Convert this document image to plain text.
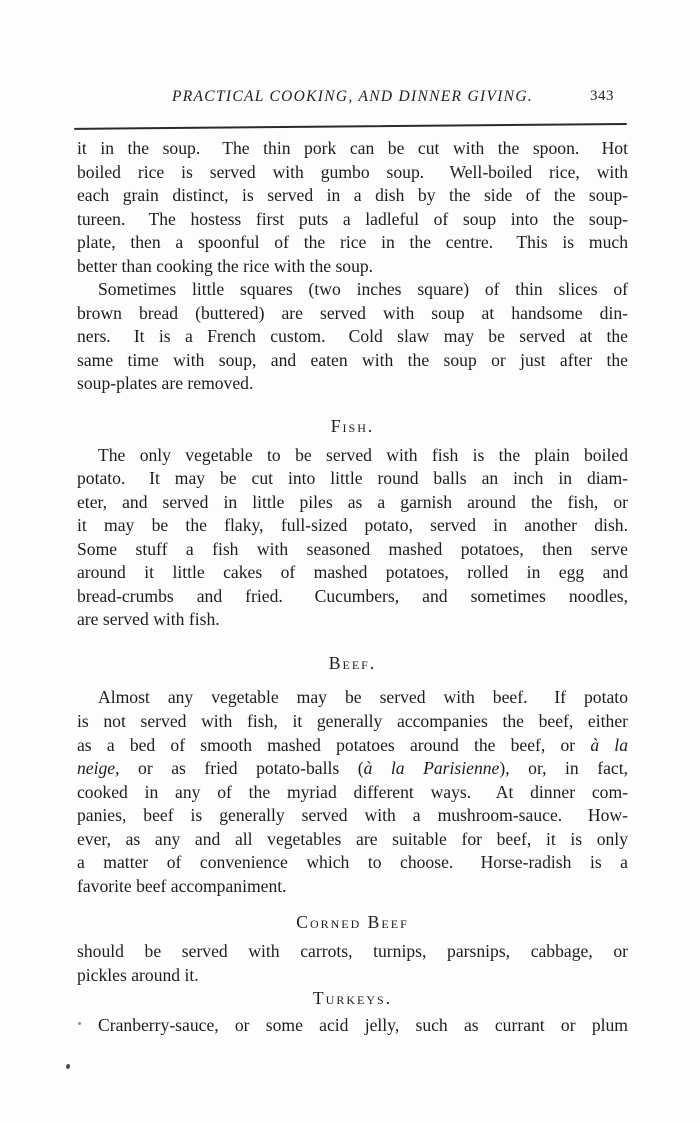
PRACTICAL COOKING, AND DINNER GIVING.	343
it in the soup.  The thin pork can be cut with the spoon.  Hot
boiled rice is served with gumbo soup.  Well-boiled rice, with
each grain distinct, is served in a dish by the side of the soup-
tureen.  The hostess first puts a ladleful of soup into the soup-
plate, then a spoonful of the rice in the centre.  This is much
better than cooking the rice with the soup.
Sometimes little squares (two inches square) of thin slices of
brown bread (buttered) are served with soup at handsome din-
ners.  It is a French custom.  Cold slaw may be served at the
same time with soup, and eaten with the soup or just after the
soup-plates are removed.
Fish.
The only vegetable to be served with fish is the plain boiled
potato.  It may be cut into little round balls an inch in diam-
eter, and served in little piles as a garnish around the fish, or
it may be the flaky, full-sized potato, served in another dish.
Some stuff a fish with seasoned mashed potatoes, then serve
around it little cakes of mashed potatoes, rolled in egg and
bread-crumbs and fried.  Cucumbers, and sometimes noodles,
are served with fish.
Beef.
Almost any vegetable may be served with beef.  If potato
is not served with fish, it generally accompanies the beef, either
as a bed of smooth mashed potatoes around the beef, or à la
neige, or as fried potato-balls (à la Parisienne), or, in fact,
cooked in any of the myriad different ways.  At dinner com-
panies, beef is generally served with a mushroom-sauce.  How-
ever, as any and all vegetables are suitable for beef, it is only
a matter of convenience which to choose.  Horse-radish is a
favorite beef accompaniment.
Corned Beef
should be served with carrots, turnips, parsnips, cabbage, or
pickles around it.
Turkeys.
Cranberry-sauce, or some acid jelly, such as currant or plum
